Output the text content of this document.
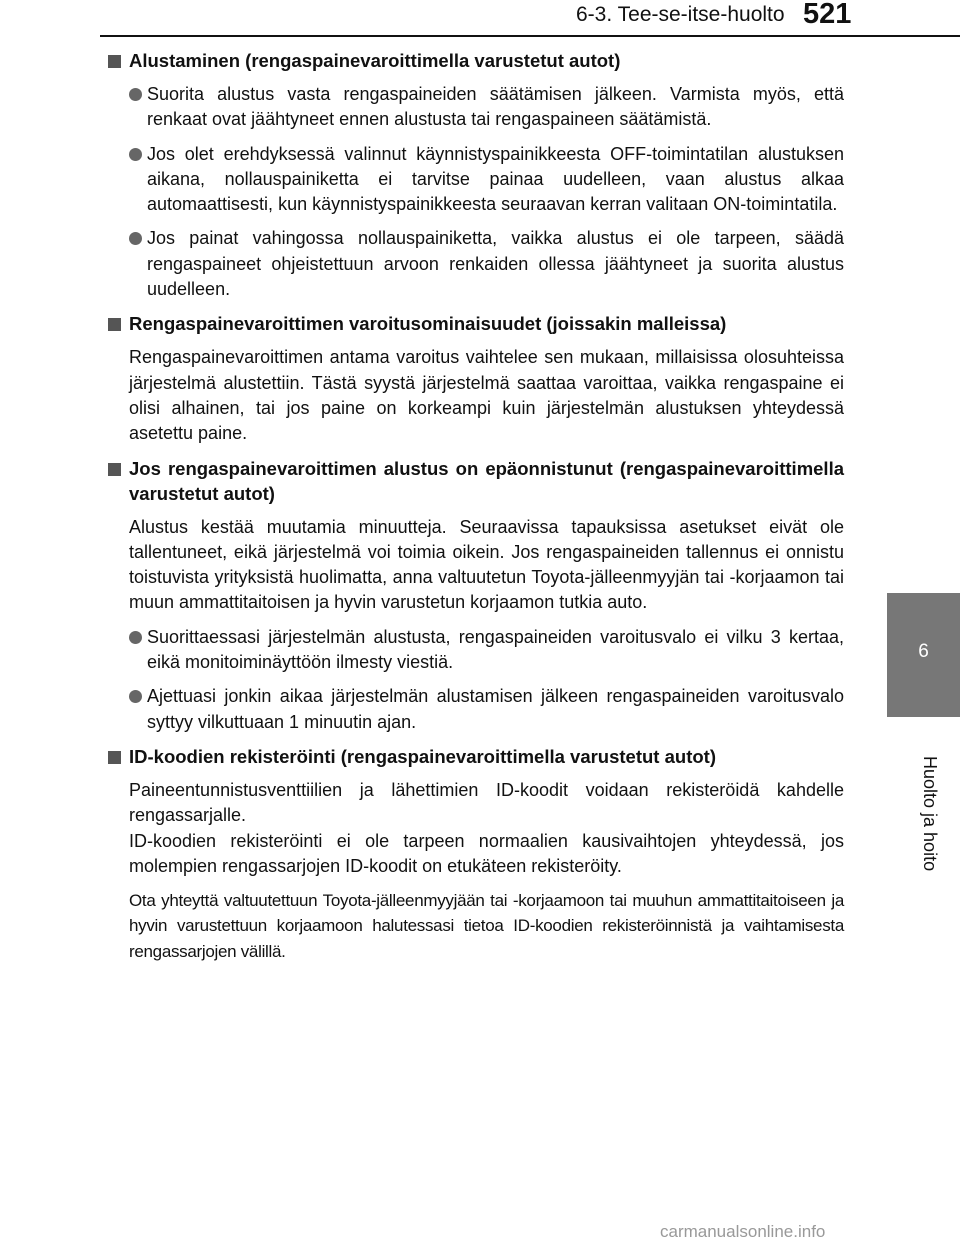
6-3. Tee-se-itse-huolto 521
6
Huolto ja hoito
Alustaminen (rengaspainevaroittimella varustetut autot)
Suorita alustus vasta rengaspaineiden säätämisen jälkeen. Varmista myös, että renkaat ovat jäähtyneet ennen alustusta tai rengaspaineen säätämistä.
Jos olet erehdyksessä valinnut käynnistyspainikkeesta OFF-toimintatilan alustuksen aikana, nollauspainiketta ei tarvitse painaa uudelleen, vaan alustus alkaa automaattisesti, kun käynnistyspainikkeesta seuraavan kerran valitaan ON-toimintatila.
Jos painat vahingossa nollauspainiketta, vaikka alustus ei ole tarpeen, säädä rengaspaineet ohjeistettuun arvoon renkaiden ollessa jäähtyneet ja suorita alustus uudelleen.
Rengaspainevaroittimen varoitusominaisuudet (joissakin malleissa)
Rengaspainevaroittimen antama varoitus vaihtelee sen mukaan, millaisissa olosuhteissa järjestelmä alustettiin. Tästä syystä järjestelmä saattaa varoittaa, vaikka rengaspaine ei olisi alhainen, tai jos paine on korkeampi kuin järjestelmän alustuksen yhteydessä asetettu paine.
Jos rengaspainevaroittimen alustus on epäonnistunut (rengaspainevaroittimella varustetut autot)
Alustus kestää muutamia minuutteja. Seuraavissa tapauksissa asetukset eivät ole tallentuneet, eikä järjestelmä voi toimia oikein. Jos rengaspaineiden tallennus ei onnistu toistuvista yrityksistä huolimatta, anna valtuutetun Toyota-jälleenmyyjän tai -korjaamon tai muun ammattitaitoisen ja hyvin varustetun korjaamon tutkia auto.
Suorittaessasi järjestelmän alustusta, rengaspaineiden varoitusvalo ei vilku 3 kertaa, eikä monitoiminäyttöön ilmesty viestiä.
Ajettuasi jonkin aikaa järjestelmän alustamisen jälkeen rengaspaineiden varoitusvalo syttyy vilkuttuaan 1 minuutin ajan.
ID-koodien rekisteröinti (rengaspainevaroittimella varustetut autot)
Paineentunnistusventtiilien ja lähettimien ID-koodit voidaan rekisteröidä kahdelle rengassarjalle.
ID-koodien rekisteröinti ei ole tarpeen normaalien kausivaihtojen yhteydessä, jos molempien rengassarjojen ID-koodit on etukäteen rekisteröity.
Ota yhteyttä valtuutettuun Toyota-jälleenmyyjään tai -korjaamoon tai muuhun ammattitaitoiseen ja hyvin varustettuun korjaamoon halutessasi tietoa ID-koodien rekisteröinnistä ja vaihtamisesta rengassarjojen välillä.
carmanualsonline.info
